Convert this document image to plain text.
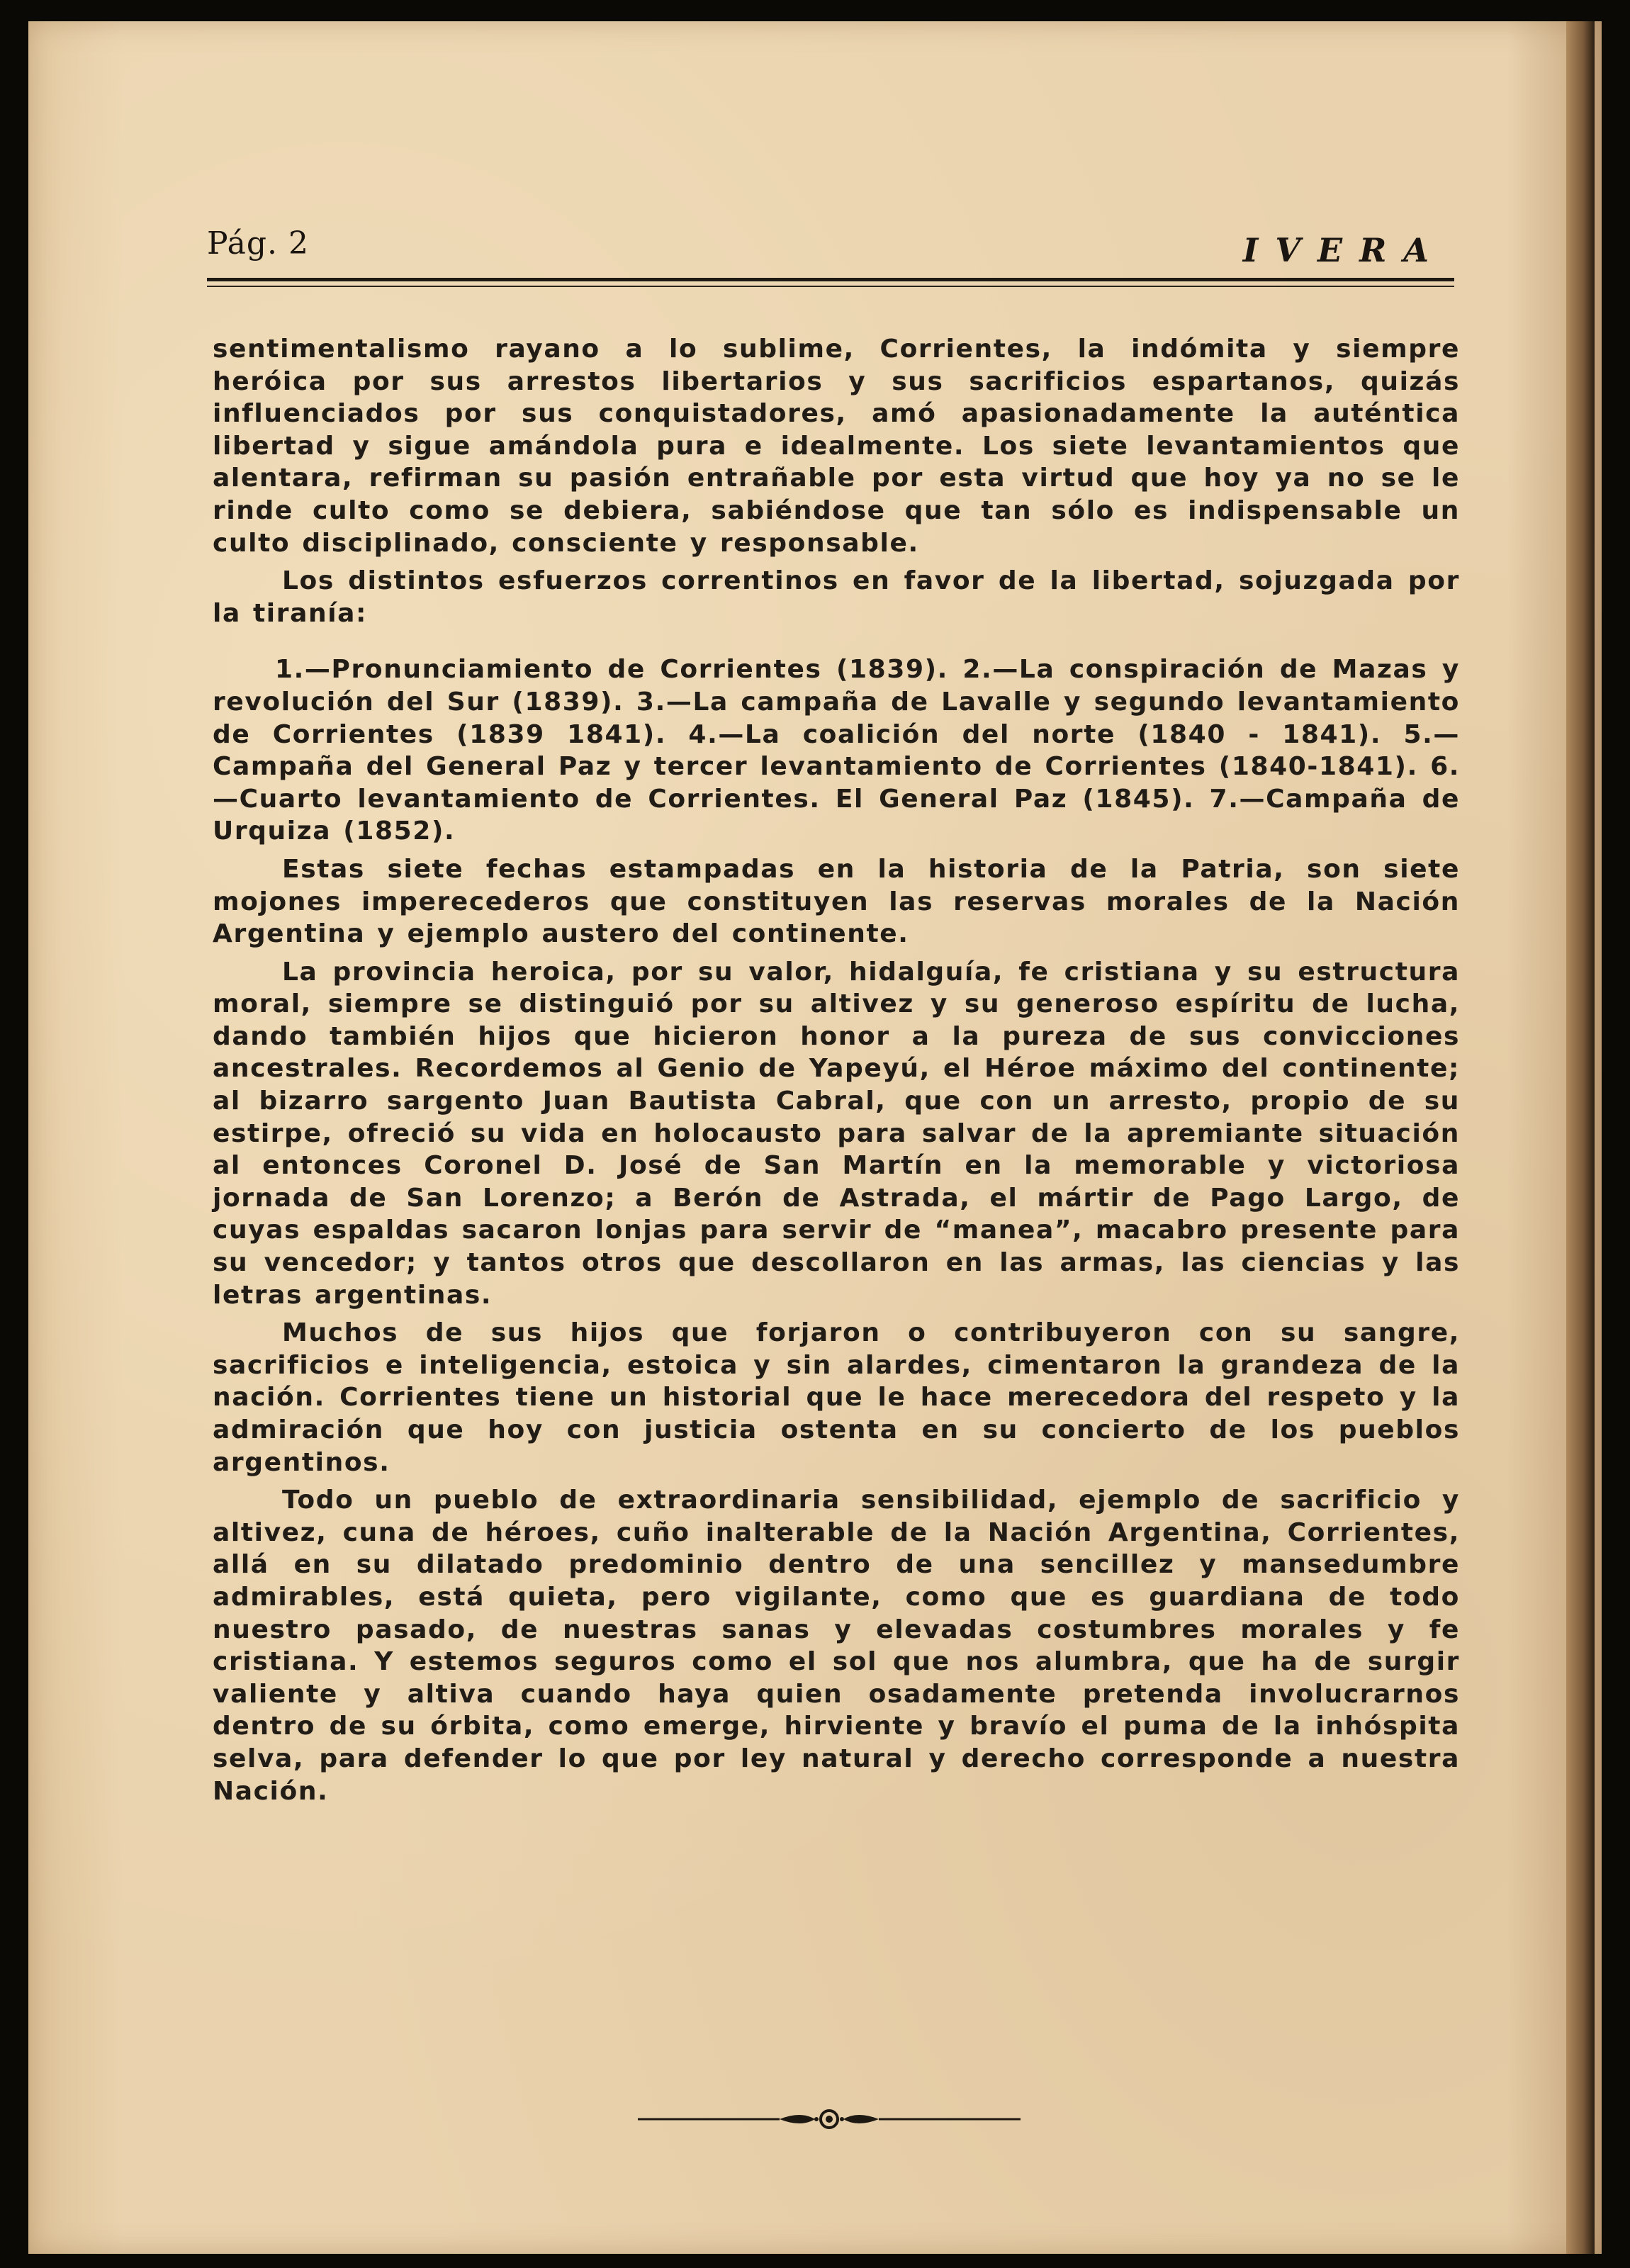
Pág. 2	IVERA

sentimentalismo rayano a lo sublime, Corrientes, la indómita y siempre heróica por sus arrestos libertarios y sus sacrificios espartanos, quizás influenciados por sus conquistadores, amó apasionadamente la auténtica libertad y sigue amándola pura e idealmente. Los siete levantamientos que alentara, refirman su pasión entrañable por esta virtud que hoy ya no se le rinde culto como se debiera, sabiéndose que tan sólo es indispensable un culto disciplinado, consciente y responsable.

Los distintos esfuerzos correntinos en favor de la libertad, sojuzgada por la tiranía:

1.—Pronunciamiento de Corrientes (1839). 2.—La conspiración de Mazas y revolución del Sur (1839). 3.—La campaña de Lavalle y segundo levantamiento de Corrientes (1839 1841). 4.—La coalición del norte (1840 - 1841). 5.—Campaña del General Paz y tercer levantamiento de Corrientes (1840-1841). 6.—Cuarto levantamiento de Corrientes. El General Paz (1845). 7.—Campaña de Urquiza (1852).

Estas siete fechas estampadas en la historia de la Patria, son siete mojones imperecederos que constituyen las reservas morales de la Nación Argentina y ejemplo austero del continente.

La provincia heroica, por su valor, hidalguía, fe cristiana y su estructura moral, siempre se distinguió por su altivez y su generoso espíritu de lucha, dando también hijos que hicieron honor a la pureza de sus convicciones ancestrales. Recordemos al Genio de Yapeyú, el Héroe máximo del continente; al bizarro sargento Juan Bautista Cabral, que con un arresto, propio de su estirpe, ofreció su vida en holocausto para salvar de la apremiante situación al entonces Coronel D. José de San Martín en la memorable y victoriosa jornada de San Lorenzo; a Berón de Astrada, el mártir de Pago Largo, de cuyas espaldas sacaron lonjas para servir de “manea”, macabro presente para su vencedor; y tantos otros que descollaron en las armas, las ciencias y las letras argentinas.

Muchos de sus hijos que forjaron o contribuyeron con su sangre, sacrificios e inteligencia, estoica y sin alardes, cimentaron la grandeza de la nación. Corrientes tiene un historial que le hace merecedora del respeto y la admiración que hoy con justicia ostenta en su concierto de los pueblos argentinos.

Todo un pueblo de extraordinaria sensibilidad, ejemplo de sacrificio y altivez, cuna de héroes, cuño inalterable de la Nación Argentina, Corrientes, allá en su dilatado predominio dentro de una sencillez y mansedumbre admirables, está quieta, pero vigilante, como que es guardiana de todo nuestro pasado, de nuestras sanas y elevadas costumbres morales y fe cristiana. Y estemos seguros como el sol que nos alumbra, que ha de surgir valiente y altiva cuando haya quien osadamente pretenda involucrarnos dentro de su órbita, como emerge, hirviente y bravío el puma de la inhóspita selva, para defender lo que por ley natural y derecho corresponde a nuestra Nación.
